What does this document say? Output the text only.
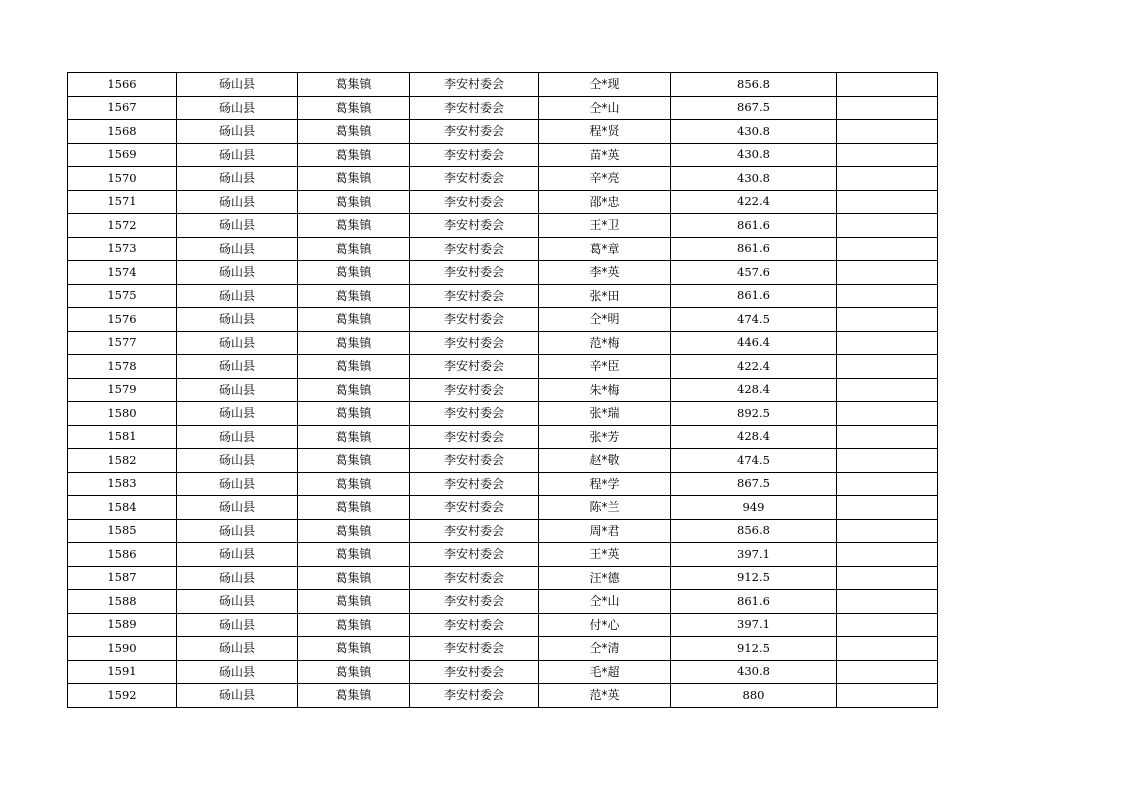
1566	砀山县	葛集镇	李安村委会	仝*现	856.8	
1567	砀山县	葛集镇	李安村委会	仝*山	867.5	
1568	砀山县	葛集镇	李安村委会	程*贤	430.8	
1569	砀山县	葛集镇	李安村委会	苗*英	430.8	
1570	砀山县	葛集镇	李安村委会	辛*亮	430.8	
1571	砀山县	葛集镇	李安村委会	邵*忠	422.4	
1572	砀山县	葛集镇	李安村委会	王*卫	861.6	
1573	砀山县	葛集镇	李安村委会	葛*章	861.6	
1574	砀山县	葛集镇	李安村委会	李*英	457.6	
1575	砀山县	葛集镇	李安村委会	张*田	861.6	
1576	砀山县	葛集镇	李安村委会	仝*明	474.5	
1577	砀山县	葛集镇	李安村委会	范*梅	446.4	
1578	砀山县	葛集镇	李安村委会	辛*臣	422.4	
1579	砀山县	葛集镇	李安村委会	朱*梅	428.4	
1580	砀山县	葛集镇	李安村委会	张*瑞	892.5	
1581	砀山县	葛集镇	李安村委会	张*芳	428.4	
1582	砀山县	葛集镇	李安村委会	赵*敬	474.5	
1583	砀山县	葛集镇	李安村委会	程*学	867.5	
1584	砀山县	葛集镇	李安村委会	陈*兰	949	
1585	砀山县	葛集镇	李安村委会	周*君	856.8	
1586	砀山县	葛集镇	李安村委会	王*英	397.1	
1587	砀山县	葛集镇	李安村委会	汪*德	912.5	
1588	砀山县	葛集镇	李安村委会	仝*山	861.6	
1589	砀山县	葛集镇	李安村委会	付*心	397.1	
1590	砀山县	葛集镇	李安村委会	仝*清	912.5	
1591	砀山县	葛集镇	李安村委会	毛*超	430.8	
1592	砀山县	葛集镇	李安村委会	范*英	880	
